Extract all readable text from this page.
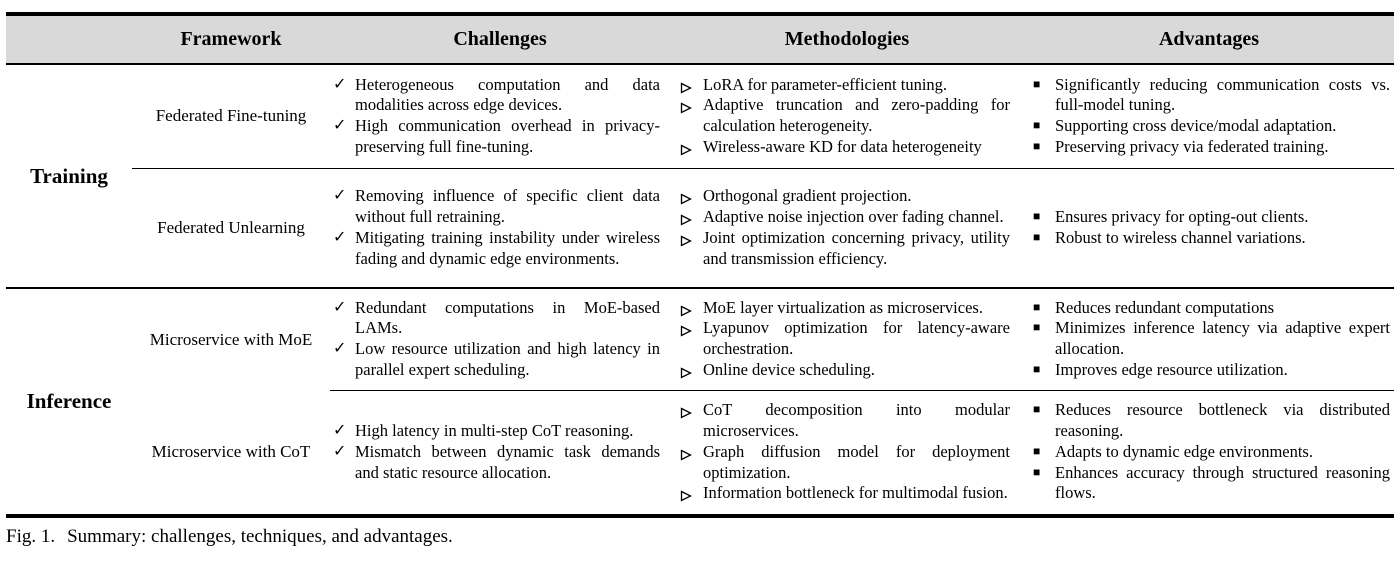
	Framework	Challenges	Methodologies	Advantages
Training	Federated Fine-tuning	
✓ Heterogeneous computation and data modalities across edge devices.
✓ High communication overhead in privacy-preserving full fine-tuning.

LoRA for parameter-efficient tuning.
Adaptive truncation and zero-padding for calculation heterogeneity.
Wireless-aware KD for data heterogeneity

■ Significantly reducing communication costs vs. full-model tuning.
■ Supporting cross device/modal adaptation.
■ Preserving privacy via federated training.

Federated Unlearning	
✓ Removing influence of specific client data without full retraining.
✓ Mitigating training instability under wireless fading and dynamic edge environments.

Orthogonal gradient projection.
Adaptive noise injection over fading channel.
Joint optimization concerning privacy, utility and transmission efficiency.

■ Ensures privacy for opting-out clients.
■ Robust to wireless channel variations.

Inference	Microservice with MoE	
✓ Redundant computations in MoE-based LAMs.
✓ Low resource utilization and high latency in parallel expert scheduling.

MoE layer virtualization as microservices.
Lyapunov optimization for latency-aware orchestration.
Online device scheduling.

■ Reduces redundant computations
■ Minimizes inference latency via adaptive expert allocation.
■ Improves edge resource utilization.

Microservice with CoT	
✓ High latency in multi-step CoT reasoning.
✓ Mismatch between dynamic task demands and static resource allocation.

CoT decomposition into modular microservices.
Graph diffusion model for deployment optimization.
Information bottleneck for multimodal fusion.

■ Reduces resource bottleneck via distributed reasoning.
■ Adapts to dynamic edge environments.
■ Enhances accuracy through structured reasoning flows.
Fig. 1. Summary: challenges, techniques, and advantages.
